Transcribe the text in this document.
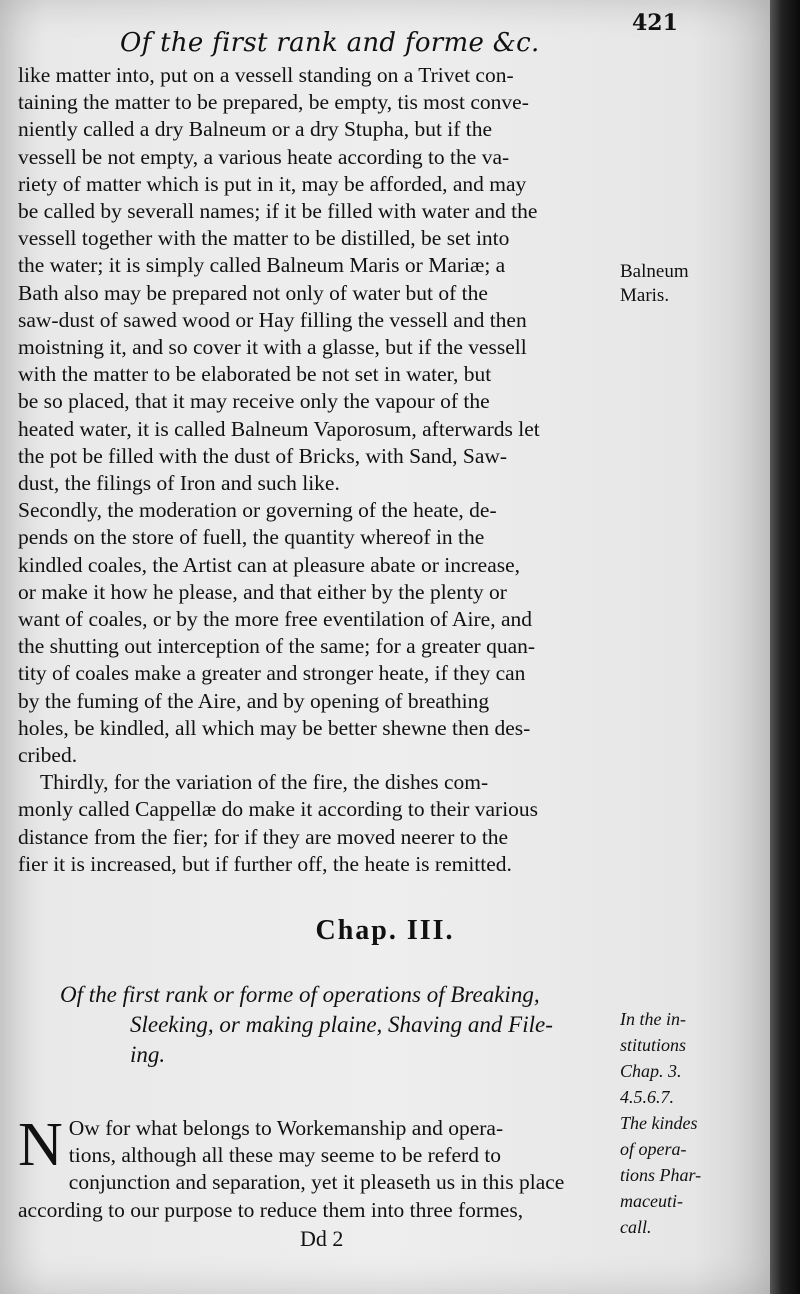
Of the first rank and forme &c.
421
like matter into, put on a vessell standing on a Trivet con-
taining the matter to be prepared, be empty, tis most conve-
niently called a dry Balneum or a dry Stupha, but if the
vessell be not empty, a various heate according to the va-
riety of matter which is put in it, may be afforded, and may
be called by severall names; if it be filled with water and the
vessell together with the matter to be distilled, be set into
the water; it is simply called Balneum Maris or Mariæ; a
Bath also may be prepared not only of water but of the
saw-dust of sawed wood or Hay filling the vessell and then
moistning it, and so cover it with a glasse, but if the vessell
with the matter to be elaborated be not set in water, but
be so placed, that it may receive only the vapour of the
heated water, it is called Balneum Vaporosum, afterwards let
the pot be filled with the dust of Bricks, with Sand, Saw-
dust, the filings of Iron and such like.
Secondly, the moderation or governing of the heate, de-
pends on the store of fuell, the quantity whereof in the
kindled coales, the Artist can at pleasure abate or increase,
or make it how he please, and that either by the plenty or
want of coales, or by the more free eventilation of Aire, and
the shutting out interception of the same; for a greater quan-
tity of coales make a greater and stronger heate, if they can
by the fuming of the Aire, and by opening of breathing
holes, be kindled, all which may be better shewne then des-
cribed.
Thirdly, for the variation of the fire, the dishes com-
monly called Cappellæ do make it according to their various
distance from the fier; for if they are moved neerer to the
fier it is increased, but if further off, the heate is remitted.
Balneum
Maris.
Chap. III.
Of the first rank or forme of operations of Breaking,
Sleeking, or making plaine, Shaving and File-
ing.
In the in-
stitutions
Chap. 3.
4.5.6.7.
The kindes
of opera-
tions Phar-
maceuti-
call.
N Ow for what belongs to Workemanship and opera-
tions, although all these may seeme to be referd to
conjunction and separation, yet it pleaseth us in this place
according to our purpose to reduce them into three formes,
Dd 2
